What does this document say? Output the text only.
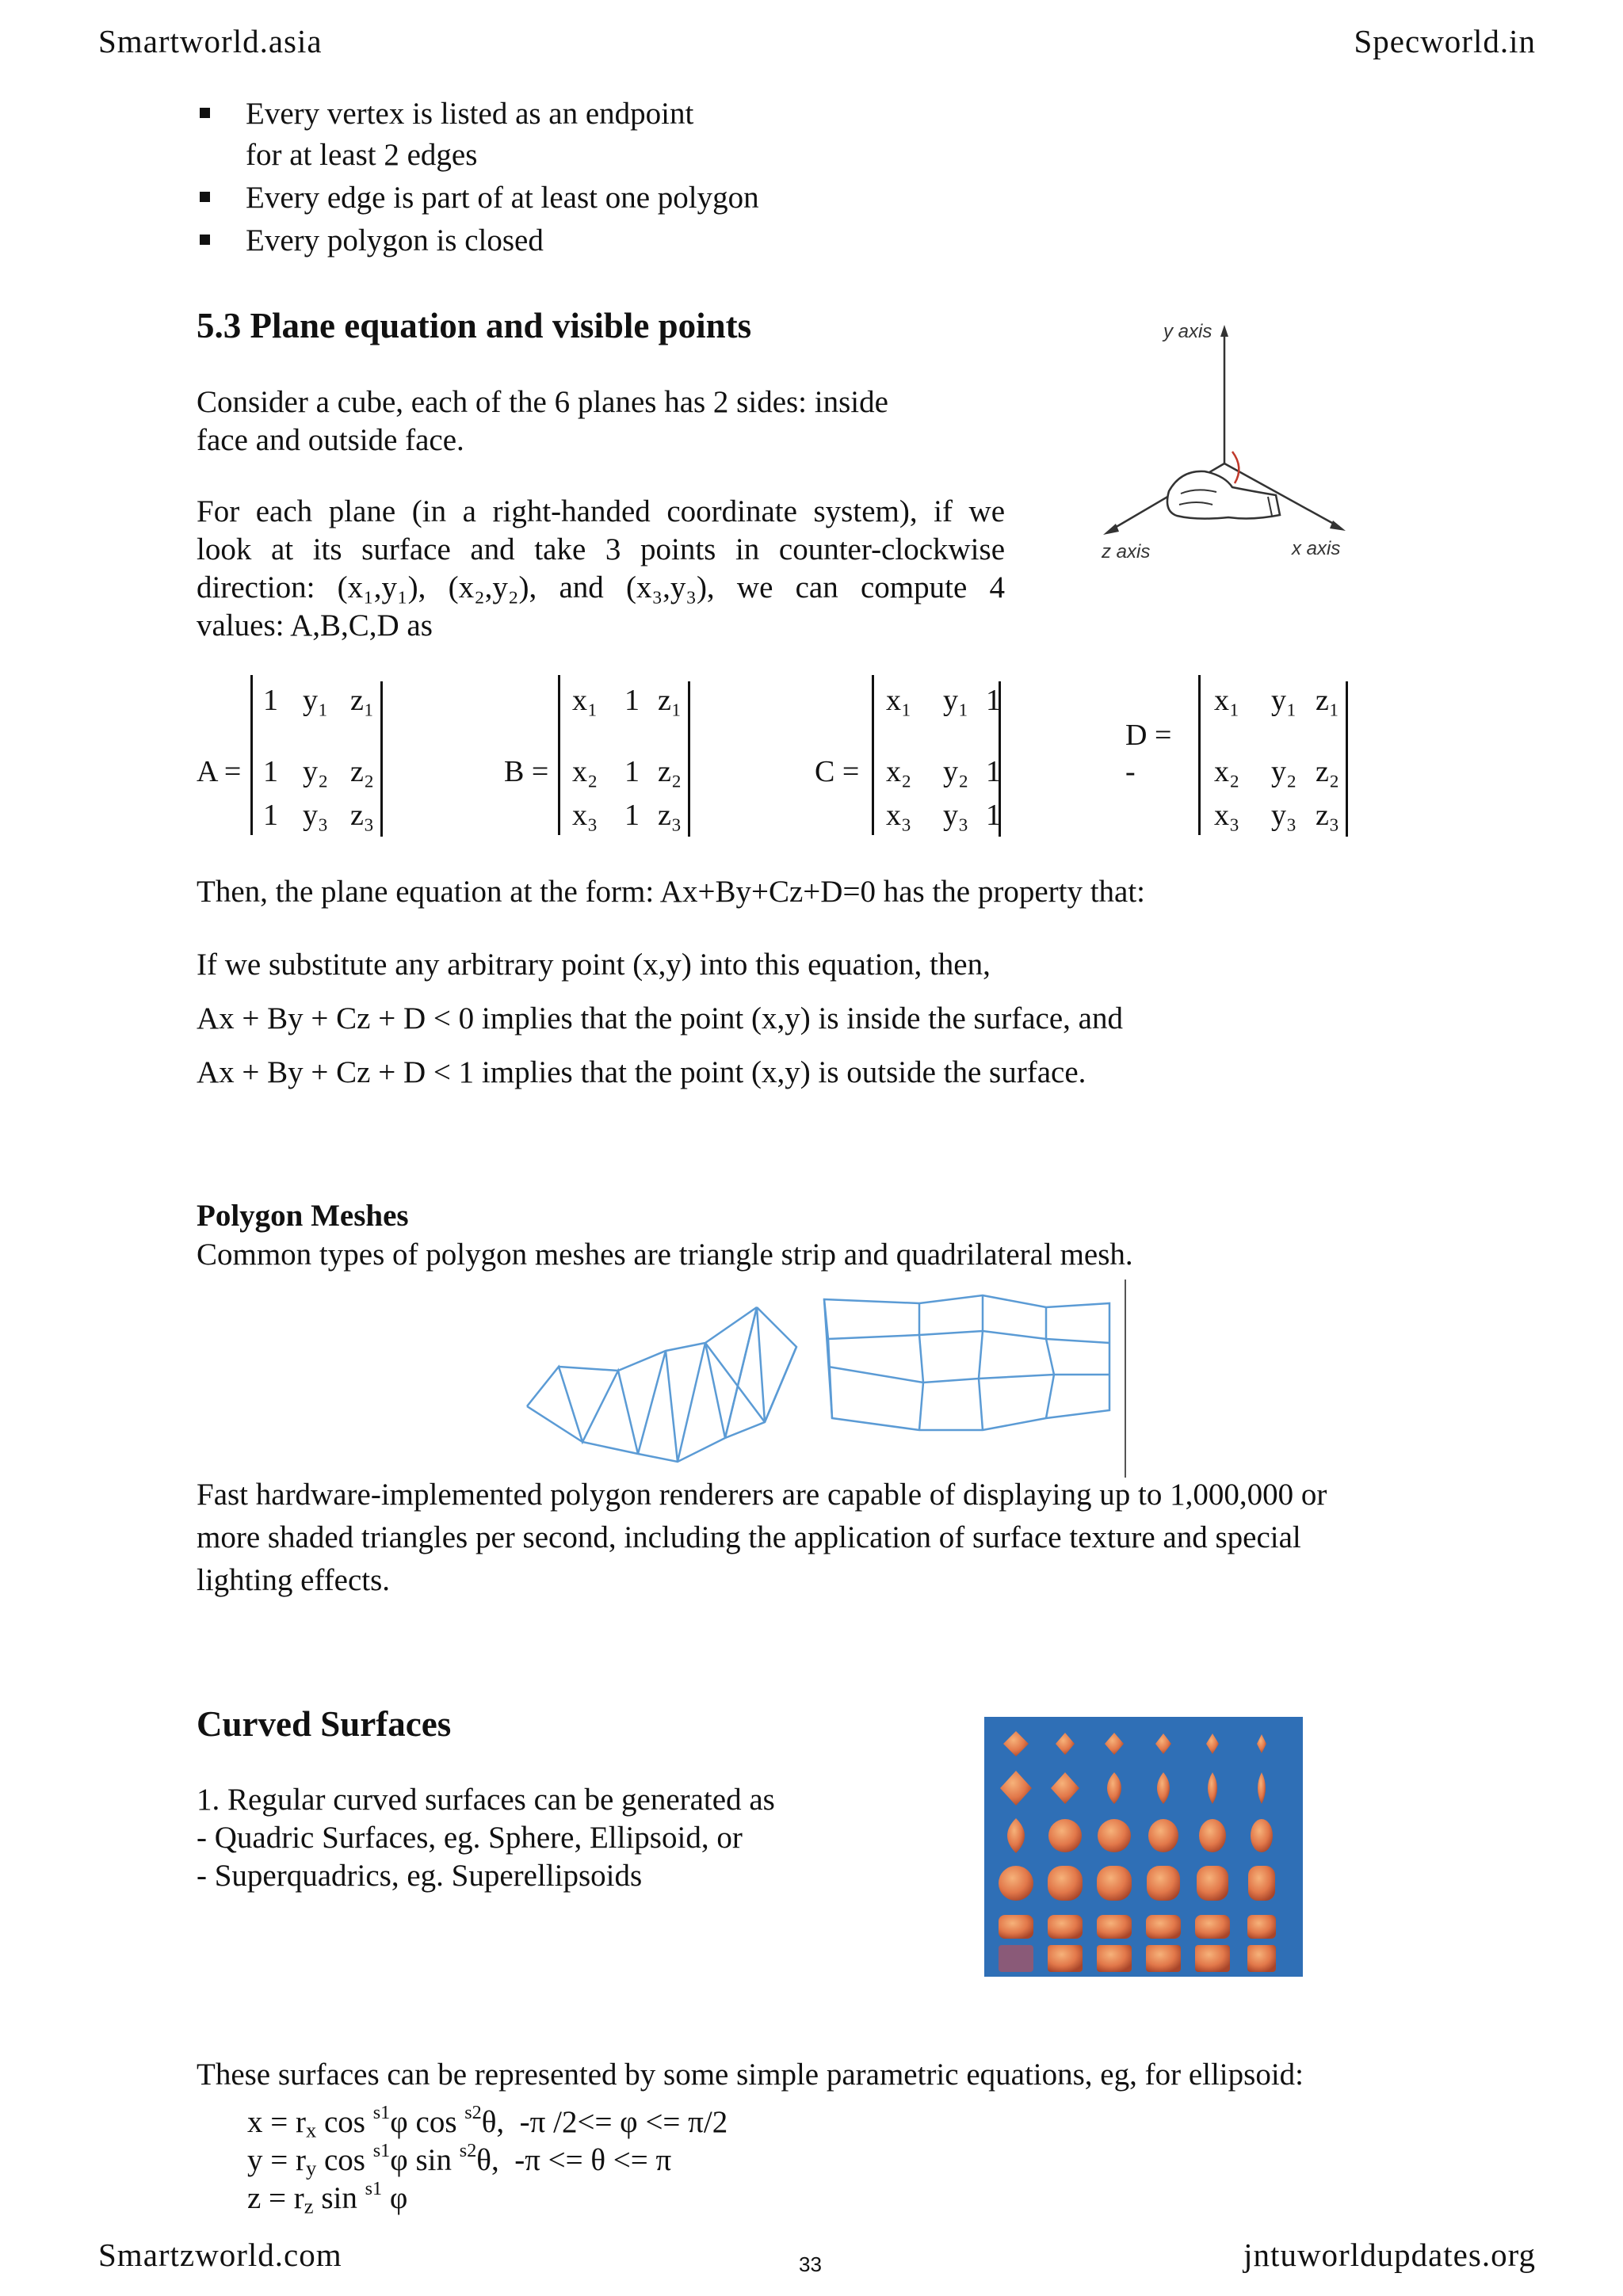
Smartworld.asia	Specworld.in
Every vertex is listed as an endpoint
for at least 2 edges
Every edge is part of at least one polygon
Every polygon is closed
5.3 Plane equation and visible points
Consider a cube, each of the 6 planes has 2 sides: inside
face and outside face.
For each plane (in a right-handed coordinate system), if we
look at its surface and take 3 points in counter-clockwise
direction: (x₁,y₁), (x₂,y₂), and (x₃,y₃), we can compute 4
values: A,B,C,D as
y axis
z axis	x axis
A =
1 y₁ z₁
1 y₂ z₂
1 y₃ z₃
B =
x₁ 1 z₁
x₂ 1 z₂
x₃ 1 z₃
C =
x₁ y₁ 1
x₂ y₂ 1
x₃ y₃ 1
D =
-
x₁ y₁ z₁
x₂ y₂ z₂
x₃ y₃ z₃
Then, the plane equation at the form: Ax+By+Cz+D=0 has the property that:
If we substitute any arbitrary point (x,y) into this equation, then,
Ax + By + Cz + D < 0 implies that the point (x,y) is inside the surface, and
Ax + By + Cz + D < 1 implies that the point (x,y) is outside the surface.
Polygon Meshes
Common types of polygon meshes are triangle strip and quadrilateral mesh.
Fast hardware-implemented polygon renderers are capable of displaying up to 1,000,000 or
more shaded triangles per second, including the application of surface texture and special
lighting effects.
Curved Surfaces
1. Regular curved surfaces can be generated as
- Quadric Surfaces, eg. Sphere, Ellipsoid, or
- Superquadrics, eg. Superellipsoids
These surfaces can be represented by some simple parametric equations, eg, for ellipsoid:
$x = r_x$ cos $^{s1}$φ cos $^{s2}$θ,  -π /2<= φ <= π/2
$y = r_y$ cos $^{s1}$φ sin $^{s2}$θ,  -π <= θ <= π
$z = r_z$ sin $^{s1}$ φ
Smartzworld.com	33	jntuworldupdates.org
